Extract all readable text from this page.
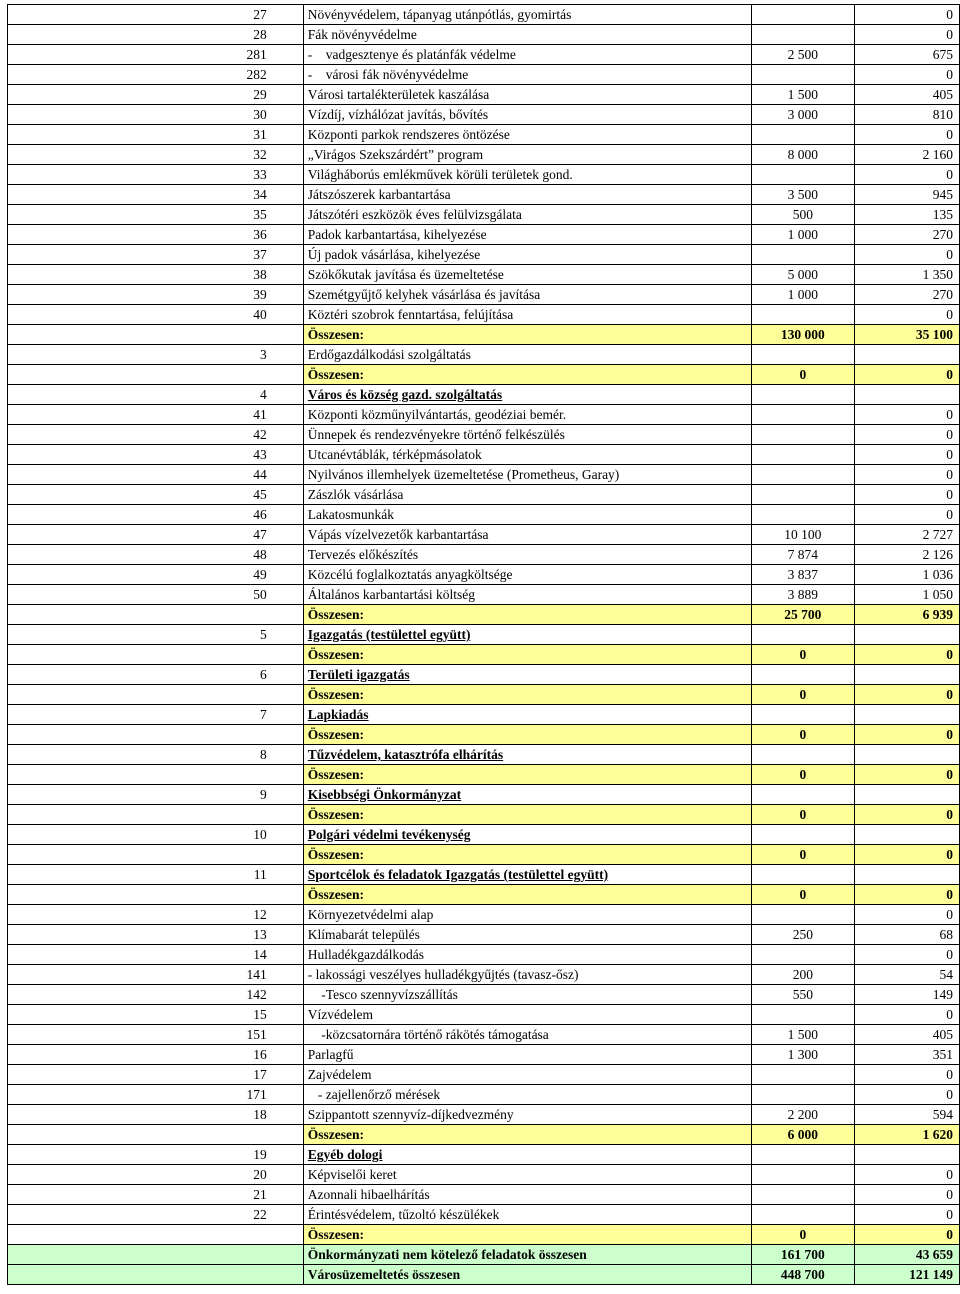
27	Növényvédelem, tápanyag utánpótlás, gyomirtás		0
28	Fák növényvédelme		0
281	-    vadgesztenye és platánfák védelme	2 500	675
282	-    városi fák növényvédelme		0
29	Városi tartalékterületek kaszálása	1 500	405
30	Vízdíj, vízhálózat javítás, bővítés	3 000	810
31	Központi parkok rendszeres öntözése		0
32	„Virágos Szekszárdért” program	8 000	2 160
33	Világháborús emlékművek körüli területek gond.		0
34	Játszószerek karbantartása	3 500	945
35	Játszótéri eszközök éves felülvizsgálata	500	135
36	Padok karbantartása, kihelyezése	1 000	270
37	Új padok vásárlása, kihelyezése		0
38	Szökőkutak javítása és üzemeltetése	5 000	1 350
39	Szemétgyűjtő kelyhek vásárlása és javítása	1 000	270
40	Köztéri szobrok fenntartása, felújítása		0
	Összesen:	130 000	35 100
3	Erdőgazdálkodási szolgáltatás		
	Összesen:	0	0
4	Város és község gazd. szolgáltatás		
41	Központi közműnyilvántartás, geodéziai bemér.		0
42	Ünnepek és rendezvényekre történő felkészülés		0
43	Utcanévtáblák, térképmásolatok		0
44	Nyilvános illemhelyek üzemeltetése (Prometheus, Garay)		0
45	Zászlók vásárlása		0
46	Lakatosmunkák		0
47	Vápás vízelvezetők karbantartása	10 100	2 727
48	Tervezés előkészítés	7 874	2 126
49	Közcélú foglalkoztatás anyagköltsége	3 837	1 036
50	Általános karbantartási költség	3 889	1 050
	Összesen:	25 700	6 939
5	Igazgatás (testülettel együtt)		
	Összesen:	0	0
6	Területi igazgatás		
	Összesen:	0	0
7	Lapkiadás		
	Összesen:	0	0
8	Tűzvédelem, katasztrófa elhárítás		
	Összesen:	0	0
9	Kisebbségi Önkormányzat		
	Összesen:	0	0
10	Polgári védelmi tevékenység		
	Összesen:	0	0
11	Sportcélok és feladatok Igazgatás (testülettel együtt)		
	Összesen:	0	0
12	Környezetvédelmi alap		0
13	Klímabarát település	250	68
14	Hulladékgazdálkodás		0
141	- lakossági veszélyes hulladékgyűjtés (tavasz-ősz)	200	54
142	-Tesco szennyvízszállítás	550	149
15	Vízvédelem		0
151	-közcsatornára történő rákötés támogatása	1 500	405
16	Parlagfű	1 300	351
17	Zajvédelem		0
171	- zajellenőrző mérések		0
18	Szippantott szennyvíz-díjkedvezmény	2 200	594
	Összesen:	6 000	1 620
19	Egyéb dologi		
20	Képviselői keret		0
21	Azonnali hibaelhárítás		0
22	Érintésvédelem, tűzoltó készülékek		0
	Összesen:	0	0
	Önkormányzati nem kötelező feladatok összesen	161 700	43 659
	Városüzemeltetés összesen	448 700	121 149
